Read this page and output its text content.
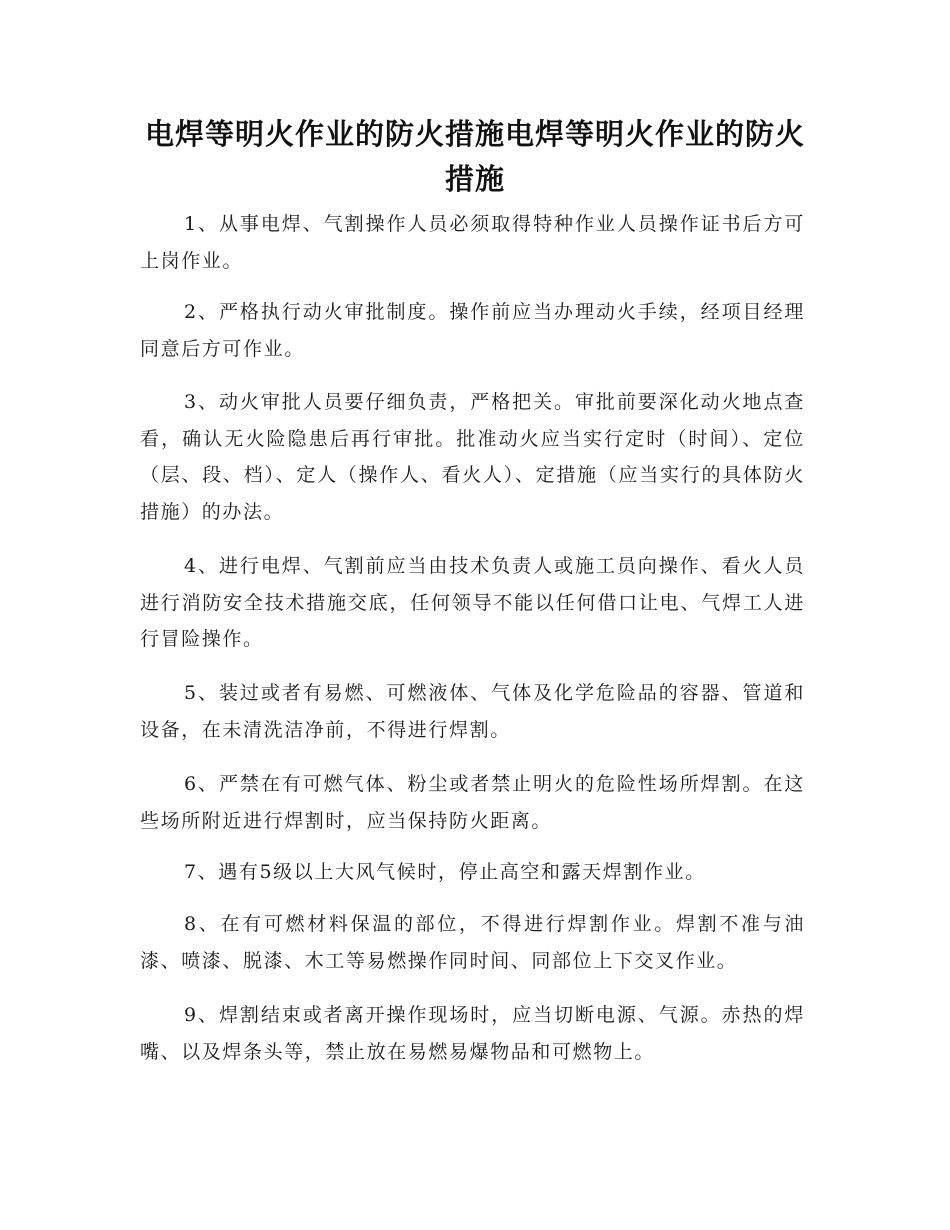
电焊等明火作业的防火措施电焊等明火作业的防火措施

1、从事电焊、气割操作人员必须取得特种作业人员操作证书后方可上岗作业。

2、严格执行动火审批制度。操作前应当办理动火手续，经项目经理同意后方可作业。

3、动火审批人员要仔细负责，严格把关。审批前要深化动火地点查看，确认无火险隐患后再行审批。批准动火应当实行定时（时间）、定位（层、段、档）、定人（操作人、看火人）、定措施（应当实行的具体防火措施）的办法。

4、进行电焊、气割前应当由技术负责人或施工员向操作、看火人员进行消防安全技术措施交底，任何领导不能以任何借口让电、气焊工人进行冒险操作。

5、装过或者有易燃、可燃液体、气体及化学危险品的容器、管道和设备，在未清洗洁净前，不得进行焊割。

6、严禁在有可燃气体、粉尘或者禁止明火的危险性场所焊割。在这些场所附近进行焊割时，应当保持防火距离。

7、遇有5级以上大风气候时，停止高空和露天焊割作业。

8、在有可燃材料保温的部位，不得进行焊割作业。焊割不准与油漆、喷漆、脱漆、木工等易燃操作同时间、同部位上下交叉作业。

9、焊割结束或者离开操作现场时，应当切断电源、气源。赤热的焊嘴、以及焊条头等，禁止放在易燃易爆物品和可燃物上。
